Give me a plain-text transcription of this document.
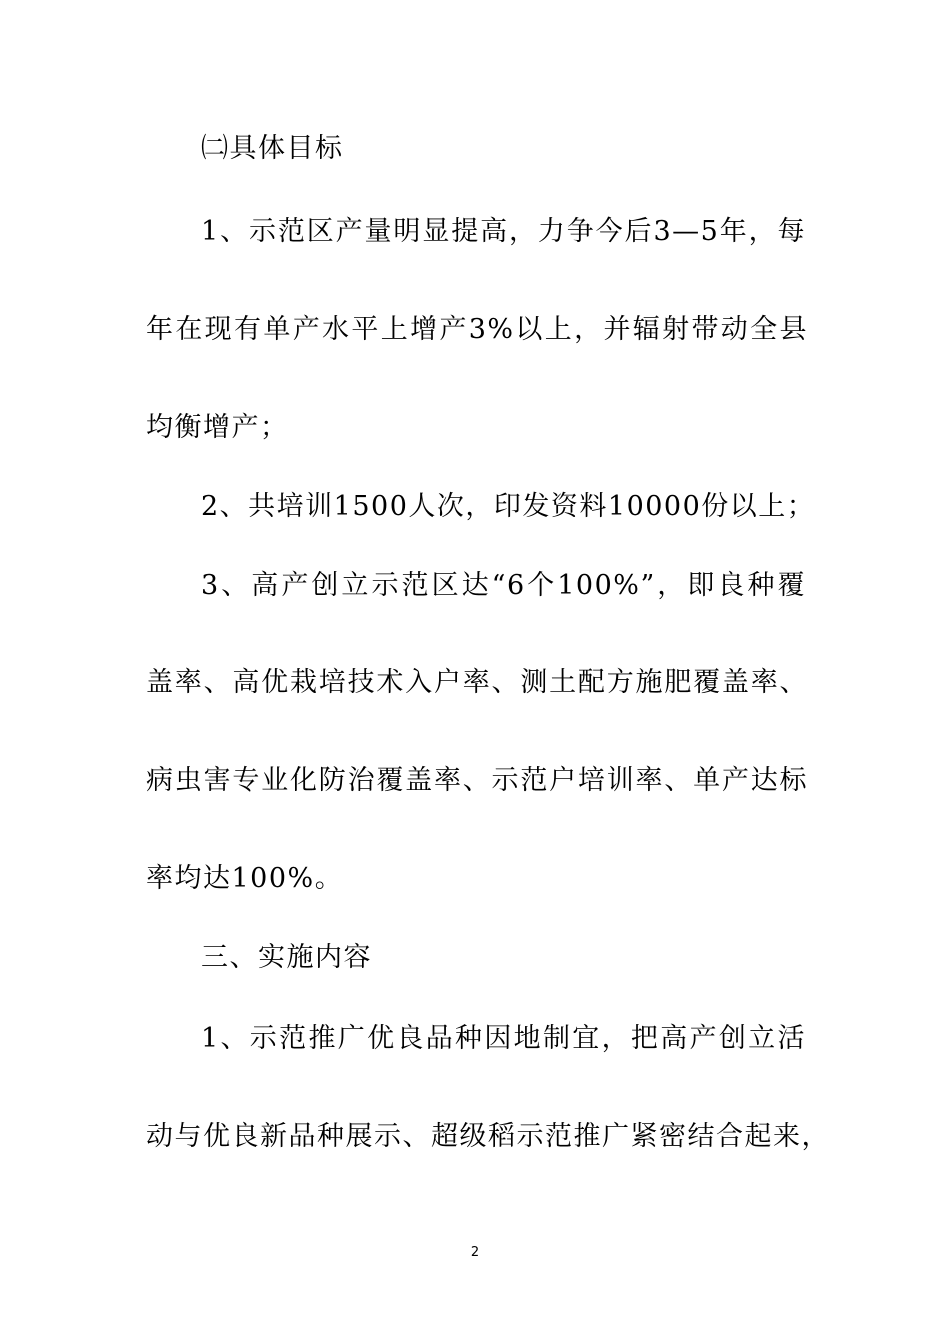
㈡具体目标
1、示范区产量明显提高，力争今后3—5年，每
年在现有单产水平上增产3%以上，并辐射带动全县
均衡增产；
2、共培训1500人次，印发资料10000份以上；
3、高产创立示范区达“6个100%”，即良种覆
盖率、高优栽培技术入户率、测土配方施肥覆盖率、
病虫害专业化防治覆盖率、示范户培训率、单产达标
率均达100%。
三、实施内容
1、示范推广优良品种因地制宜，把高产创立活
动与优良新品种展示、超级稻示范推广紧密结合起来，
2
